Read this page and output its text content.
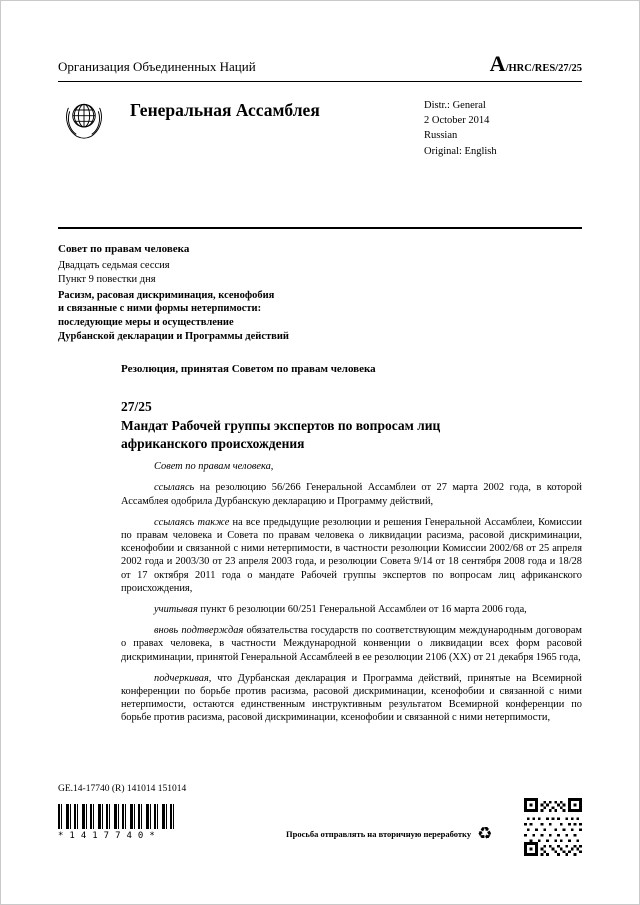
Организация Объединенных Наций	A/HRC/RES/27/25
Генеральная Ассамблея	Distr.: General
2 October 2014
Russian
Original: English
Совет по правам человека
Двадцать седьмая сессия
Пункт 9 повестки дня
Расизм, расовая дискриминация, ксенофобия
и связанные с ними формы нетерпимости:
последующие меры и осуществление
Дурбанской декларации и Программы действий
Резолюция, принятая Советом по правам человека
27/25
Мандат Рабочей группы экспертов по вопросам лиц африканского происхождения

Совет по правам человека,

ссылаясь на резолюцию 56/266 Генеральной Ассамблеи от 27 марта 2002 года, в которой Ассамблея одобрила Дурбанскую декларацию и Программу действий,

ссылаясь также на все предыдущие резолюции и решения Генеральной Ассамблеи, Комиссии по правам человека и Совета по правам человека о ликвидации расизма, расовой дискриминации, ксенофобии и связанной с ними нетерпимости, в частности резолюции Комиссии 2002/68 от 25 апреля 2002 года и 2003/30 от 23 апреля 2003 года, и резолюции Совета 9/14 от 18 сентября 2008 года и 18/28 от 17 октября 2011 года о мандате Рабочей группы экспертов по вопросам лиц африканского происхождения,

учитывая пункт 6 резолюции 60/251 Генеральной Ассамблеи от 16 марта 2006 года,

вновь подтверждая обязательства государств по соответствующим международным договорам о правах человека, в частности Международной конвенции о ликвидации всех форм расовой дискриминации, принятой Генеральной Ассамблеей в ее резолюции 2106 (XX) от 21 декабря 1965 года,

подчеркивая, что Дурбанская декларация и Программа действий, принятые на Всемирной конференции по борьбе против расизма, расовой дискриминации, ксенофобии и связанной с ними нетерпимости, остаются единственным инструктивным результатом Всемирной конференции по борьбе против расизма, расовой дискриминации, ксенофобии и связанной с ними нетерпимости,

GE.14-17740 (R) 141014 151014
*1417740*	Просьба отправлять на вторичную переработку ♻
